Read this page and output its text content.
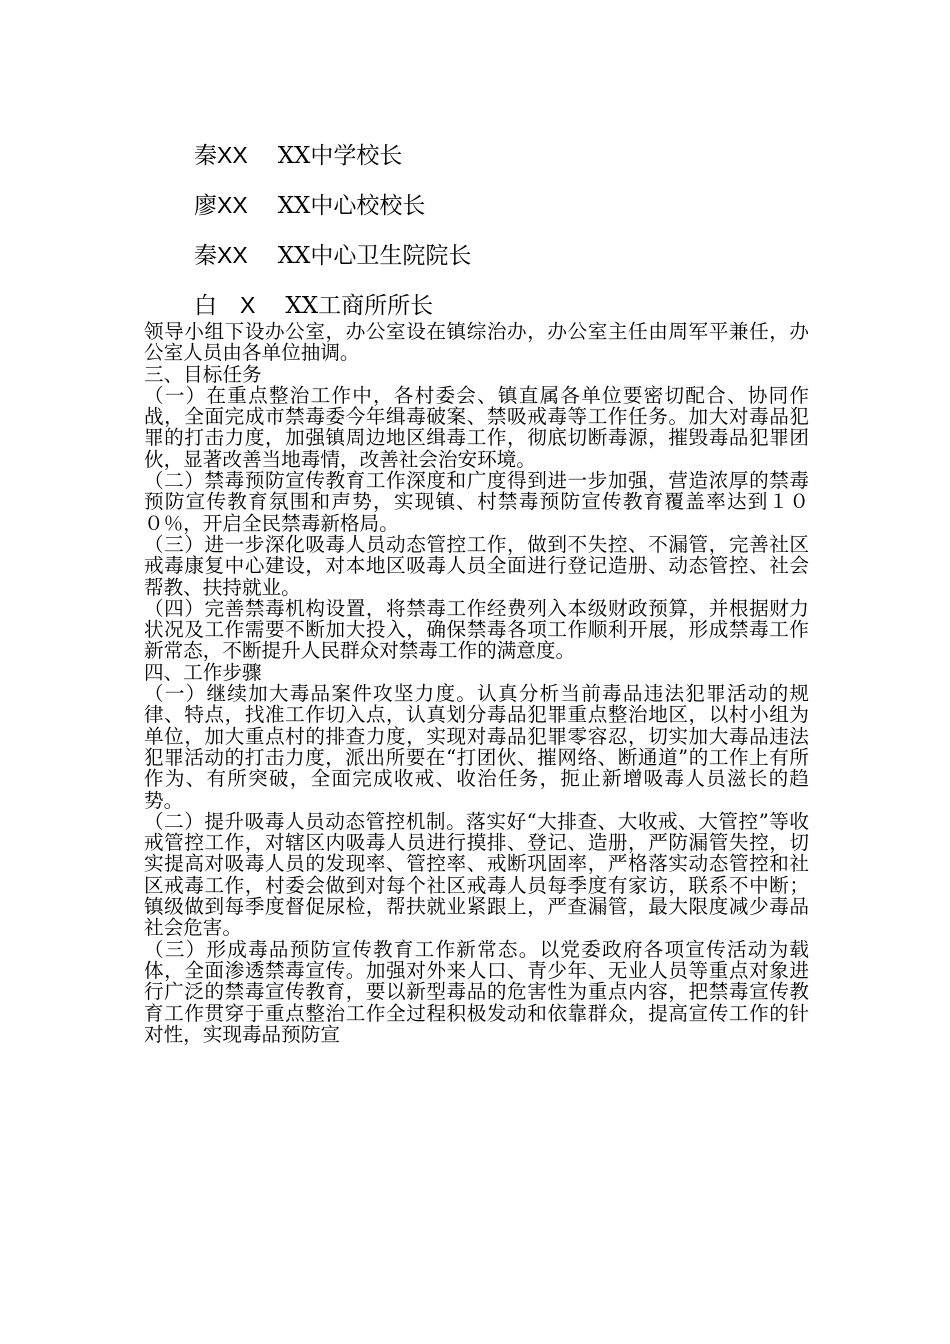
秦XX XX中学校长
廖XX XX中心校校长
秦XX XX中心卫生院院长
白　X XX工商所所长

领导小组下设办公室，办公室设在镇综治办，办公室主任由周军平兼任，办公室人员由各单位抽调。

三、目标任务

（一）在重点整治工作中，各村委会、镇直属各单位要密切配合、协同作战，全面完成市禁毒委今年缉毒破案、禁吸戒毒等工作任务。加大对毒品犯罪的打击力度，加强镇周边地区缉毒工作，彻底切断毒源，摧毁毒品犯罪团伙，显著改善当地毒情，改善社会治安环境。

（二）禁毒预防宣传教育工作深度和广度得到进一步加强，营造浓厚的禁毒预防宣传教育氛围和声势，实现镇、村禁毒预防宣传教育覆盖率达到１００％，开启全民禁毒新格局。

（三）进一步深化吸毒人员动态管控工作，做到不失控、不漏管，完善社区戒毒康复中心建设，对本地区吸毒人员全面进行登记造册、动态管控、社会帮教、扶持就业。

（四）完善禁毒机构设置，将禁毒工作经费列入本级财政预算，并根据财力状况及工作需要不断加大投入，确保禁毒各项工作顺利开展，形成禁毒工作新常态，不断提升人民群众对禁毒工作的满意度。

四、工作步骤

（一）继续加大毒品案件攻坚力度。认真分析当前毒品违法犯罪活动的规律、特点，找准工作切入点，认真划分毒品犯罪重点整治地区，以村小组为单位，加大重点村的排查力度，实现对毒品犯罪零容忍，切实加大毒品违法犯罪活动的打击力度，派出所要在“打团伙、摧网络、断通道”的工作上有所作为、有所突破，全面完成收戒、收治任务，扼止新增吸毒人员滋长的趋势。

（二）提升吸毒人员动态管控机制。落实好“大排查、大收戒、大管控”等收戒管控工作，对辖区内吸毒人员进行摸排、登记、造册，严防漏管失控，切实提高对吸毒人员的发现率、管控率、戒断巩固率，严格落实动态管控和社区戒毒工作，村委会做到对每个社区戒毒人员每季度有家访，联系不中断；镇级做到每季度督促尿检，帮扶就业紧跟上，严查漏管，最大限度减少毒品社会危害。

（三）形成毒品预防宣传教育工作新常态。以党委政府各项宣传活动为载体，全面渗透禁毒宣传。加强对外来人口、青少年、无业人员等重点对象进行广泛的禁毒宣传教育，要以新型毒品的危害性为重点内容，把禁毒宣传教育工作贯穿于重点整治工作全过程积极发动和依靠群众，提高宣传工作的针对性，实现毒品预防宣
